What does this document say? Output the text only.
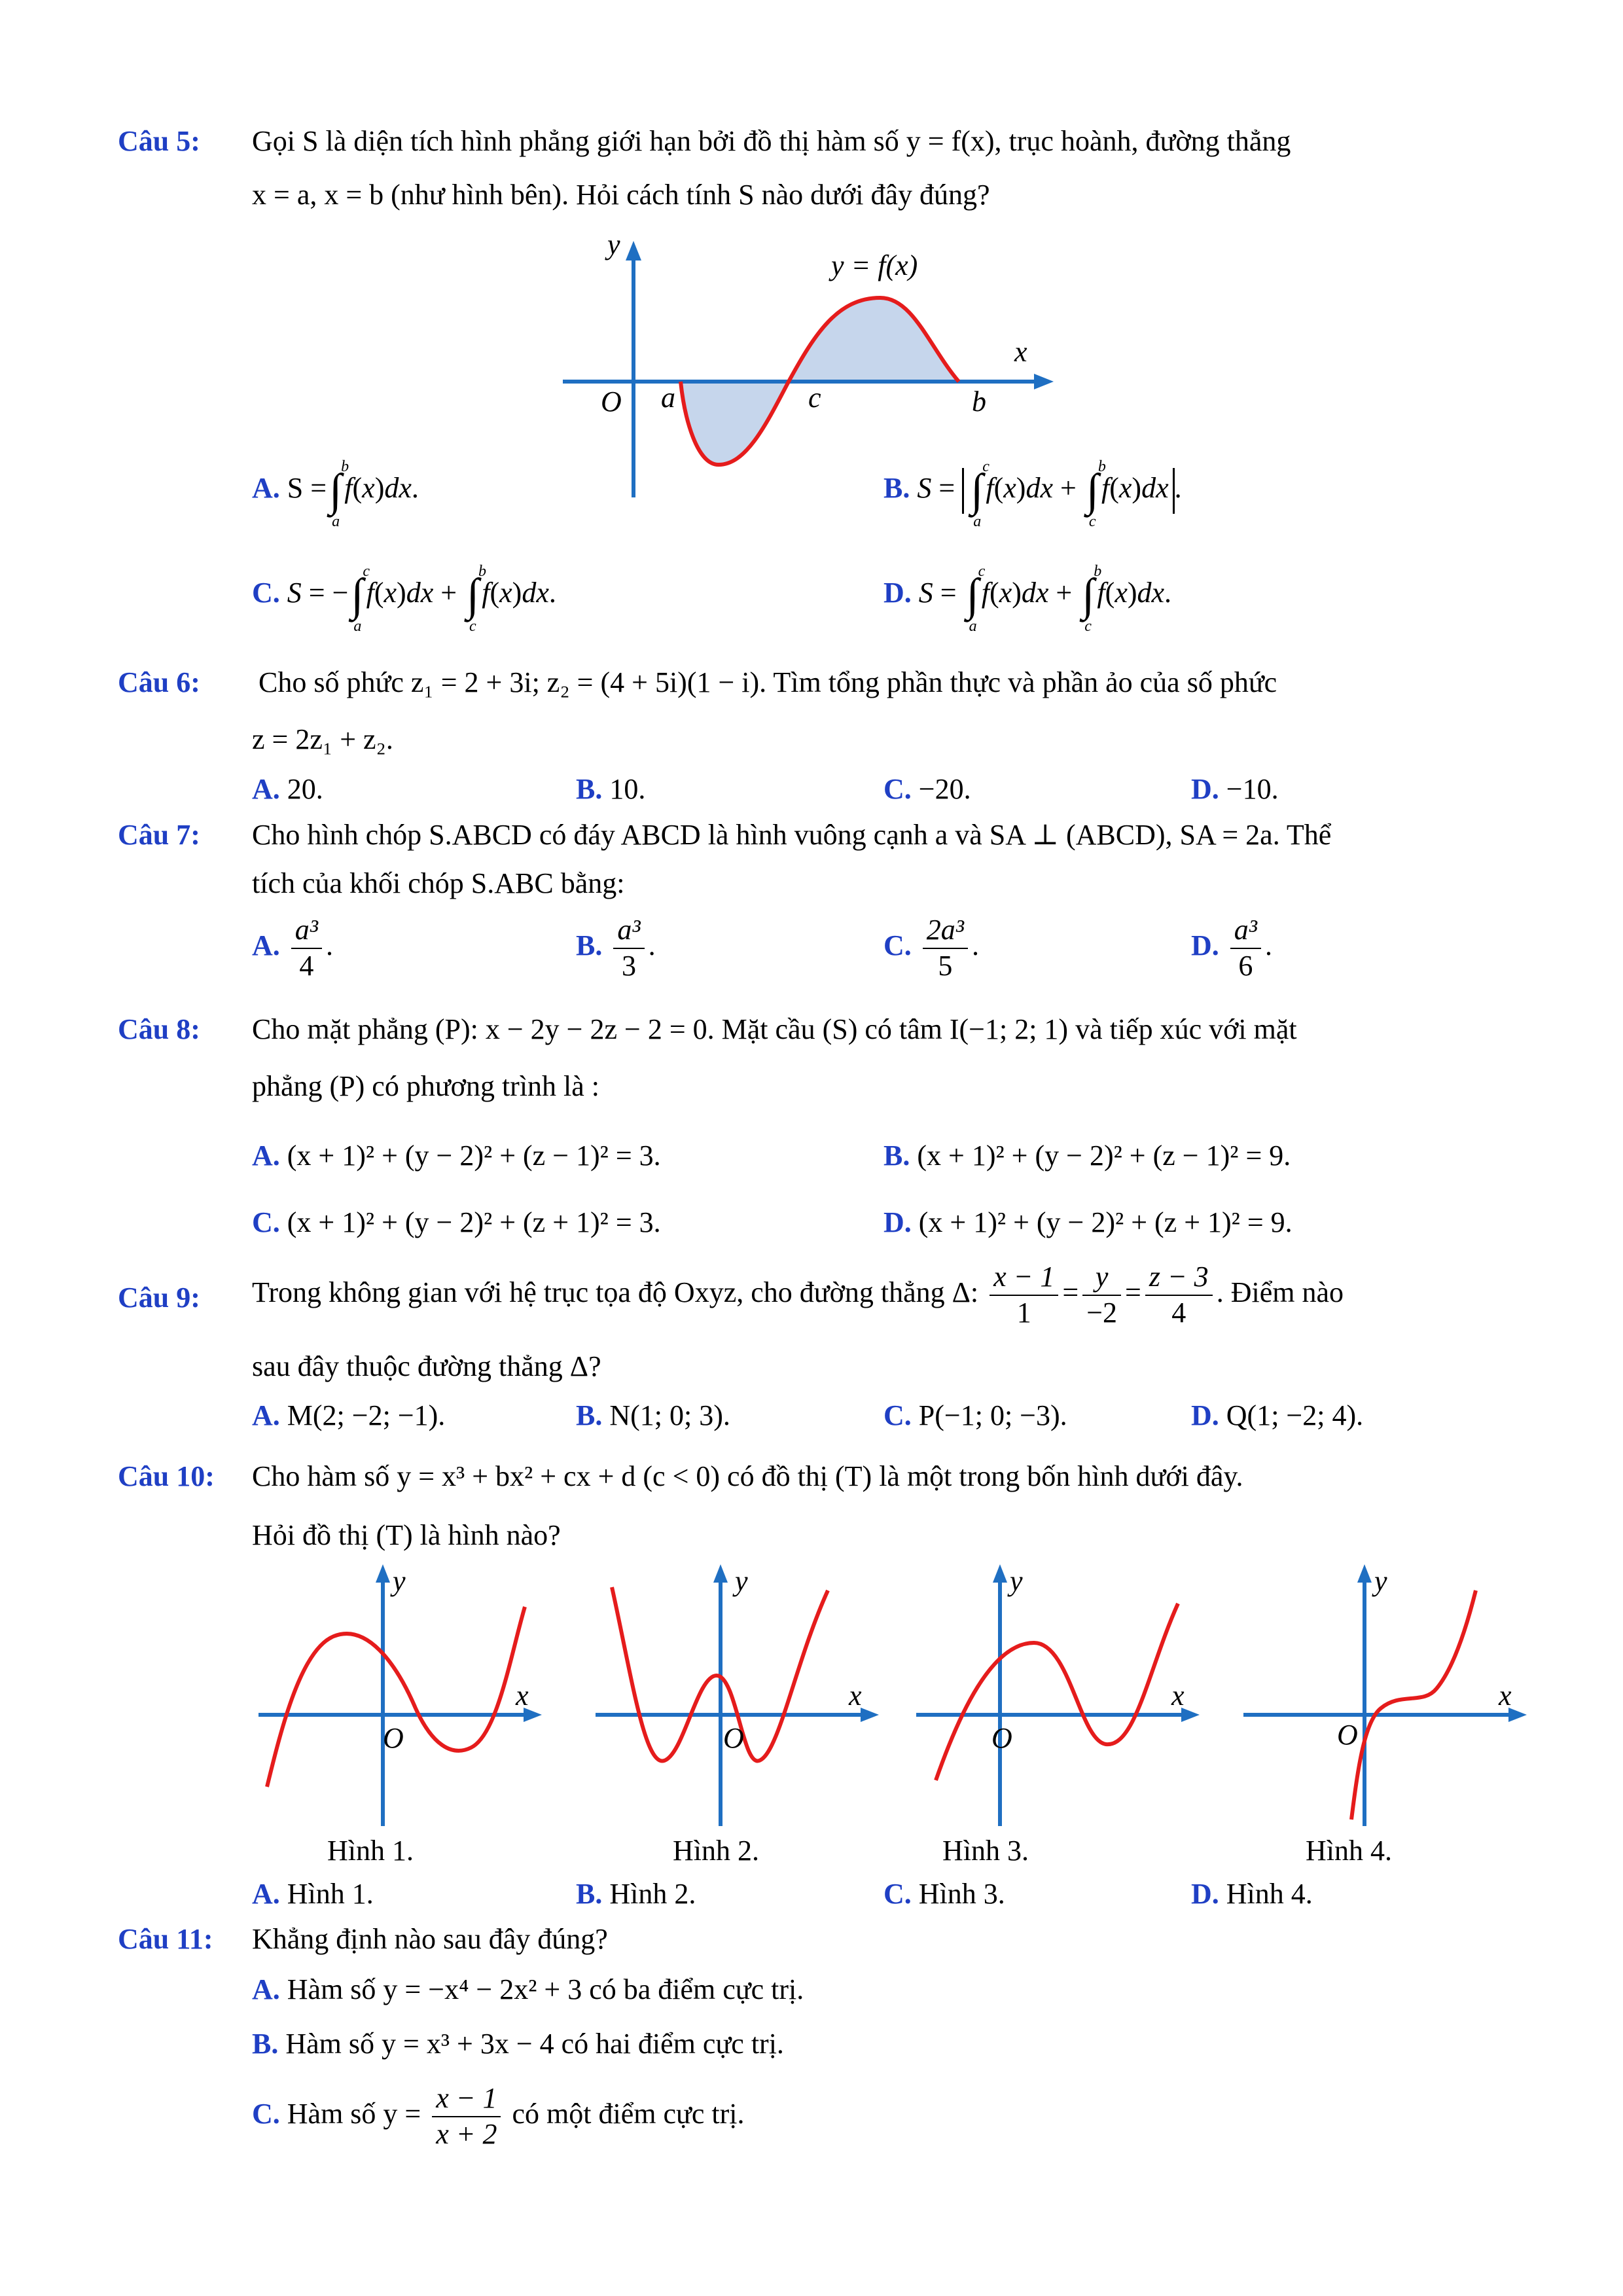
Câu 5: Gọi S là diện tích hình phẳng giới hạn bởi đồ thị hàm số y = f(x), trục hoành, đường thẳng
x = a, x = b (như hình bên). Hỏi cách tính S nào dưới đây đúng?
y
y = f(x)
x
O a	c	b
A. S =∫
b
a
f(x)dx.	B. S = ∫
c
a
f(x)dx + ∫
b
c
f(x)dx .
C. S = −∫
c
a
f(x)dx + ∫
b
c
f(x)dx.	D. S = ∫
c
a
f(x)dx + ∫
b
c
f(x)dx.
Câu 6: Cho số phức z₁ = 2 + 3i; z₂ = (4 + 5i)(1 − i). Tìm tổng phần thực và phần ảo của số phức
z = 2z₁ + z₂.
A. 20.	B. 10.	C. −20.	D. −10.
Câu 7: Cho hình chóp S.ABCD có đáy ABCD là hình vuông cạnh a và SA ⊥ (ABCD), SA = 2a. Thể
tích của khối chóp S.ABC bằng:
A. $\frac{\text{a³}}{4}$ .	B. $\frac{\text{a³}}{3}$ .	C. $\frac{\text{2a³}}{5}$ .	D. $\frac{\text{a³}}{6}$ .
Câu 8: Cho mặt phẳng (P): x − 2y − 2z − 2 = 0. Mặt cầu (S) có tâm I(−1; 2; 1) và tiếp xúc với mặt
phẳng (P) có phương trình là :
A. (x + 1)² + (y − 2)² + (z − 1)² = 3.	B. (x + 1)² + (y − 2)² + (z − 1)² = 9.
C. (x + 1)² + (y − 2)² + (z + 1)² = 3.	D. (x + 1)² + (y − 2)² + (z + 1)² = 9.
Câu 9: Trong không gian với hệ trục tọa độ Oxyz, cho đường thẳng Δ: $\frac{x - 1}{1} = \frac{y}{-2} = \frac{z - 3}{4}$ . Điểm nào
sau đây thuộc đường thẳng Δ?
A. M(2; −2; −1).	B. N(1; 0; 3).	C. P(−1; 0; −3).	D. Q(1; −2; 4).
Câu 10: Cho hàm số y = x³ + bx² + cx + d (c < 0) có đồ thị (T) là một trong bốn hình dưới đây.
Hỏi đồ thị (T) là hình nào?
y
x
O
y
x
O
y
x
O
y
x
O
Hình 1.	Hình 2.	Hình 3.	Hình 4.
A. Hình 1.	B. Hình 2.	C. Hình 3.	D. Hình 4.
Câu 11: Khẳng định nào sau đây đúng?
A. Hàm số y = −x⁴ − 2x² + 3 có ba điểm cực trị.
B. Hàm số y = x³ + 3x − 4 có hai điểm cực trị.
C. Hàm số $y = \frac{x - 1}{x + 2}$ có một điểm cực trị.
